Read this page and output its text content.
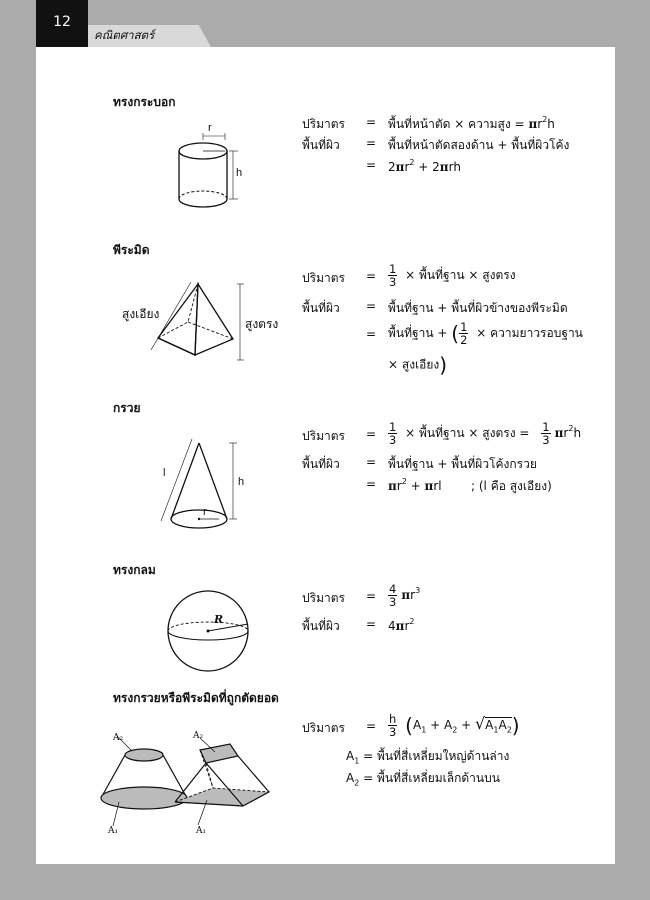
12
คณิตศาสตร์
ทรงกระบอก
r
h
ปริมาตร = พื้นที่หน้าตัด × ความสูง = $\pi r^2h$
พื้นที่ผิว = พื้นที่หน้าตัดสองด้าน + พื้นที่ผิวโค้ง
= $2\pi r^2 + 2\pi rh$
พีระมิด
สูงเอียง
สูงตรง
ปริมาตร = $\frac{1}{3}$ × พื้นที่ฐาน × สูงตรง
พื้นที่ผิว = พื้นที่ฐาน + พื้นที่ผิวข้างของพีระมิด
= พื้นที่ฐาน + ( $\frac{1}{2}$ × ความยาวรอบฐาน
× สูงเอียง)
กรวย
l
h
r
ปริมาตร = $\frac{1}{3}$ × พื้นที่ฐาน × สูงตรง = $\frac{1}{3} \pi r^2h$
พื้นที่ผิว = พื้นที่ฐาน + พื้นที่ผิวโค้งกรวย
= $\pi r^2 + \pi rl$ ; (l คือ สูงเอียง)
ทรงกลม
R
ปริมาตร = $\frac{4}{3} \pi r^3$
พื้นที่ผิว = $4\pi r^2$
ทรงกรวยหรือพีระมิดที่ถูกตัดยอด
A₂
A₁
A₂
A₁
ปริมาตร = $\frac{h}{3} (A_1 + A_2 + √A_1A_2)$
$A_1$ = พื้นที่สี่เหลี่ยมใหญ่ด้านล่าง
$A_2$ = พื้นที่สี่เหลี่ยมเล็กด้านบน
